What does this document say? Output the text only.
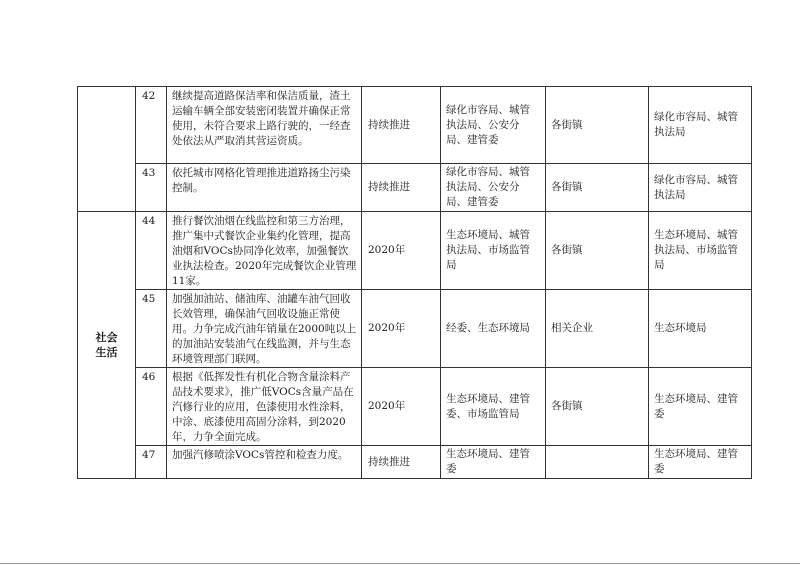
	42	继续提高道路保洁率和保洁质量，渣土运输车辆全部安装密闭装置并确保正常使用，未符合要求上路行驶的，一经查处依法从严取消其营运资质。	持续推进	绿化市容局、城管执法局、公安分局、建管委	各街镇	绿化市容局、城管执法局
	43	依托城市网格化管理推进道路扬尘污染控制。	持续推进	绿化市容局、城管执法局、公安分局、建管委	各街镇	绿化市容局、城管执法局
社会生活	44	推行餐饮油烟在线监控和第三方治理，推广集中式餐饮企业集约化管理，提高油烟和VOCs协同净化效率，加强餐饮业执法检查。2020年完成餐饮企业管理11家。	2020年	生态环境局、城管执法局、市场监管局	各街镇	生态环境局、城管执法局、市场监管局
	45	加强加油站、储油库、油罐车油气回收长效管理，确保油气回收设施正常使用。力争完成汽油年销量在2000吨以上的加油站安装油气在线监测，并与生态环境管理部门联网。	2020年	经委、生态环境局	相关企业	生态环境局
	46	根据《低挥发性有机化合物含量涂料产品技术要求》，推广低VOCs含量产品在汽修行业的应用，色漆使用水性涂料，中涂、底漆使用高固分涂料，到2020年，力争全面完成。	2020年	生态环境局、建管委、市场监管局	各街镇	生态环境局、建管委
	47	加强汽修喷涂VOCs管控和检查力度。	持续推进	生态环境局、建管委		生态环境局、建管委
